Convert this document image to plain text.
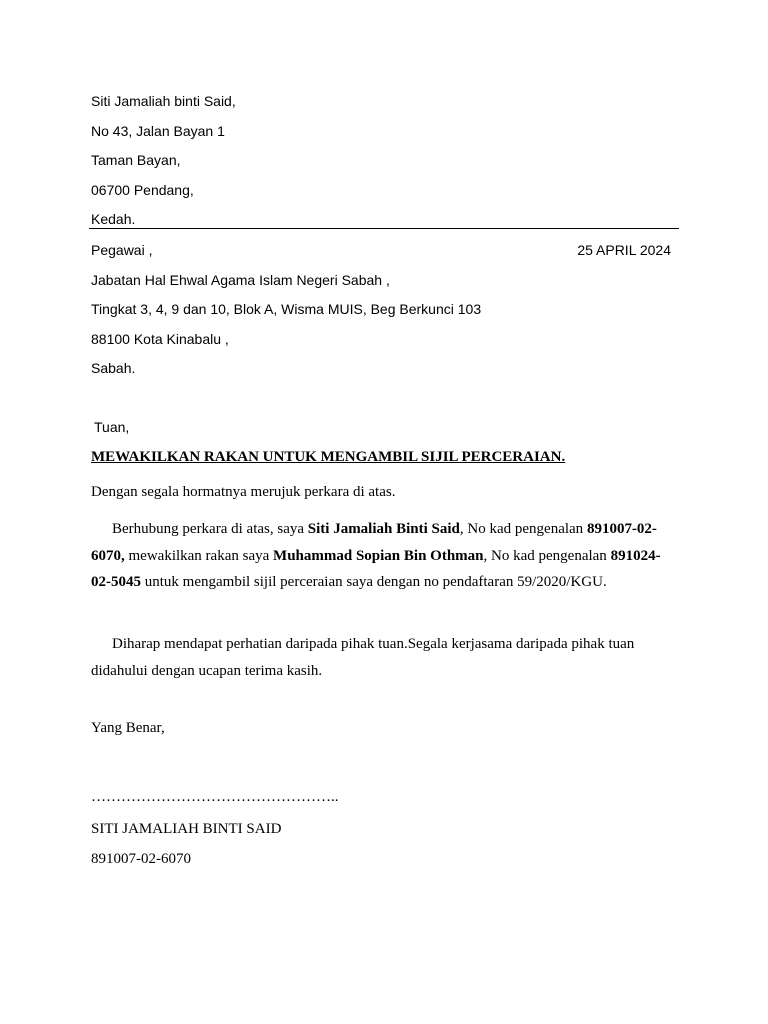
Siti Jamaliah binti Said,
No 43, Jalan Bayan 1
Taman Bayan,
06700 Pendang,
Kedah.
Pegawai ,	25 APRIL 2024
Jabatan Hal Ehwal Agama Islam Negeri Sabah ,
Tingkat 3, 4, 9 dan 10, Blok A, Wisma MUIS, Beg Berkunci 103
88100 Kota Kinabalu ,
Sabah.
Tuan,
MEWAKILKAN RAKAN UNTUK MENGAMBIL SIJIL PERCERAIAN.
Dengan segala hormatnya merujuk perkara di atas.

Berhubung perkara di atas, saya Siti Jamaliah Binti Said, No kad pengenalan 891007-02-
6070, mewakilkan rakan saya Muhammad Sopian Bin Othman, No kad pengenalan 891024-
02-5045 untuk mengambil sijil perceraian saya dengan no pendaftaran 59/2020/KGU.

Diharap mendapat perhatian daripada pihak tuan.Segala kerjasama daripada pihak tuan
didahului dengan ucapan terima kasih.

Yang Benar,
…………………………………………..
SITI JAMALIAH BINTI SAID
891007-02-6070
